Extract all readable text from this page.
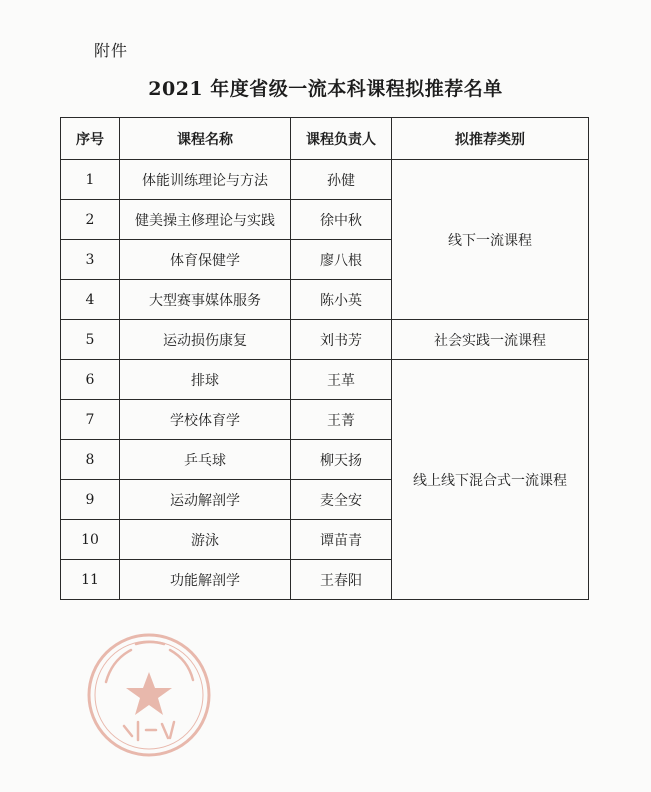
附件
2021 年度省级一流本科课程拟推荐名单
序号	课程名称	课程负责人	拟推荐类别
1	体能训练理论与方法	孙健	线下一流课程
2	健美操主修理论与实践	徐中秋	
3	体育保健学	廖八根	
4	大型赛事媒体服务	陈小英	
5	运动损伤康复	刘书芳	社会实践一流课程
6	排球	王革	线上线下混合式一流课程
7	学校体育学	王菁	
8	乒乓球	柳天扬	
9	运动解剖学	麦全安	
10	游泳	谭苗青	
11	功能解剖学	王春阳	
